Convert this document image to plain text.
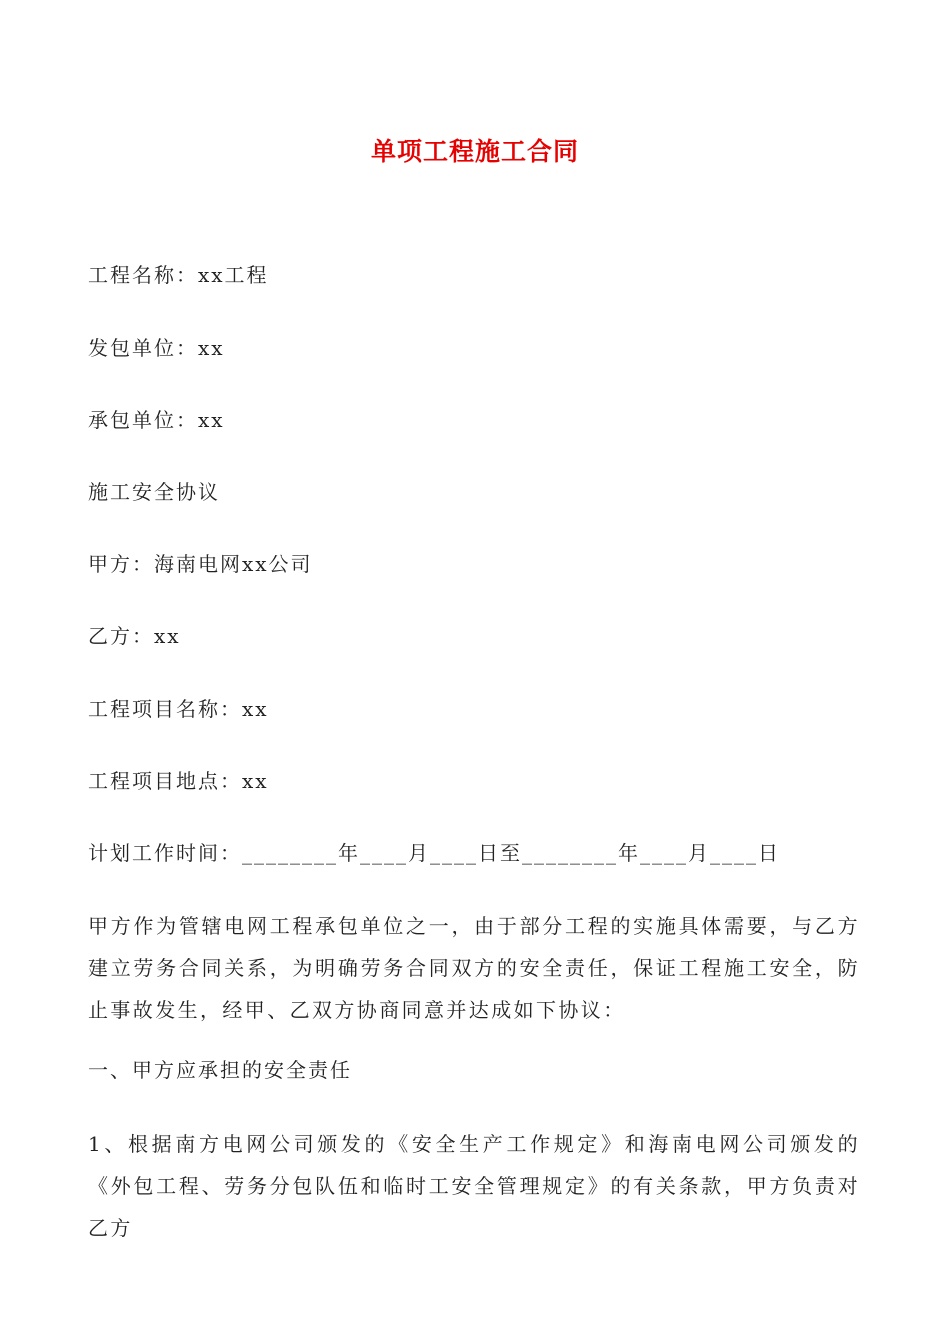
单项工程施工合同
工程名称：xx工程
发包单位：xx
承包单位：xx
施工安全协议
甲方：海南电网xx公司
乙方：xx
工程项目名称：xx
工程项目地点：xx
计划工作时间：________年____月____日至________年____月____日

甲方作为管辖电网工程承包单位之一，由于部分工程的实施具体需要，与乙方建立劳务合同关系，为明确劳务合同双方的安全责任，保证工程施工安全，防止事故发生，经甲、乙双方协商同意并达成如下协议：

一、甲方应承担的安全责任

1、根据南方电网公司颁发的《安全生产工作规定》和海南电网公司颁发的《外包工程、劳务分包队伍和临时工安全管理规定》的有关条款，甲方负责对乙方
